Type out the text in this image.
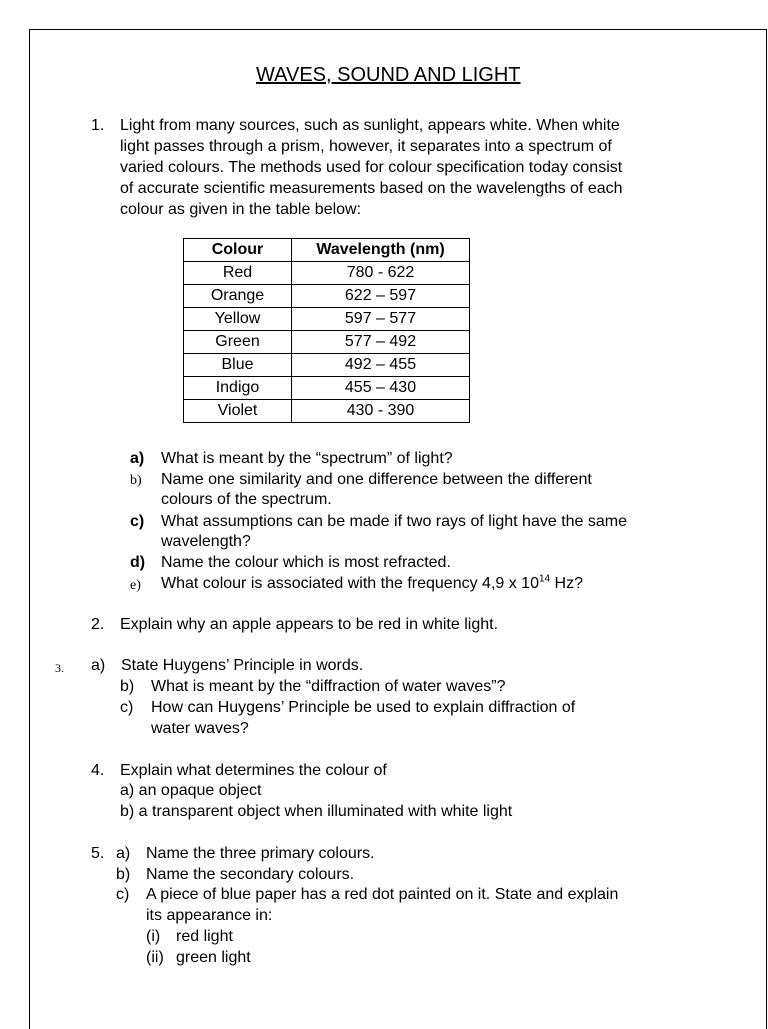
WAVES, SOUND AND LIGHT
1. Light from many sources, such as sunlight, appears white. When white
light passes through a prism, however, it separates into a spectrum of
varied colours. The methods used for colour specification today consist
of accurate scientific measurements based on the wavelengths of each
colour as given in the table below:
Colour	Wavelength (nm)
Red	780 - 622
Orange	622 – 597
Yellow	597 – 577
Green	577 – 492
Blue	492 – 455
Indigo	455 – 430
Violet	430 - 390
a) What is meant by the “spectrum” of light?
b) Name one similarity and one difference between the different
colours of the spectrum.
c) What assumptions can be made if two rays of light have the same
wavelength?
d) Name the colour which is most refracted.
e) What colour is associated with the frequency 4,9 x $10^{14}$ Hz?
2. Explain why an apple appears to be red in white light.
3. a) State Huygens’ Principle in words.
b) What is meant by the “diffraction of water waves”?
c) How can Huygens’ Principle be used to explain diffraction of
water waves?
4. Explain what determines the colour of
a) an opaque object
b) a transparent object when illuminated with white light
5. a) Name the three primary colours.
b) Name the secondary colours.
c) A piece of blue paper has a red dot painted on it. State and explain
its appearance in:
(i) red light
(ii) green light
